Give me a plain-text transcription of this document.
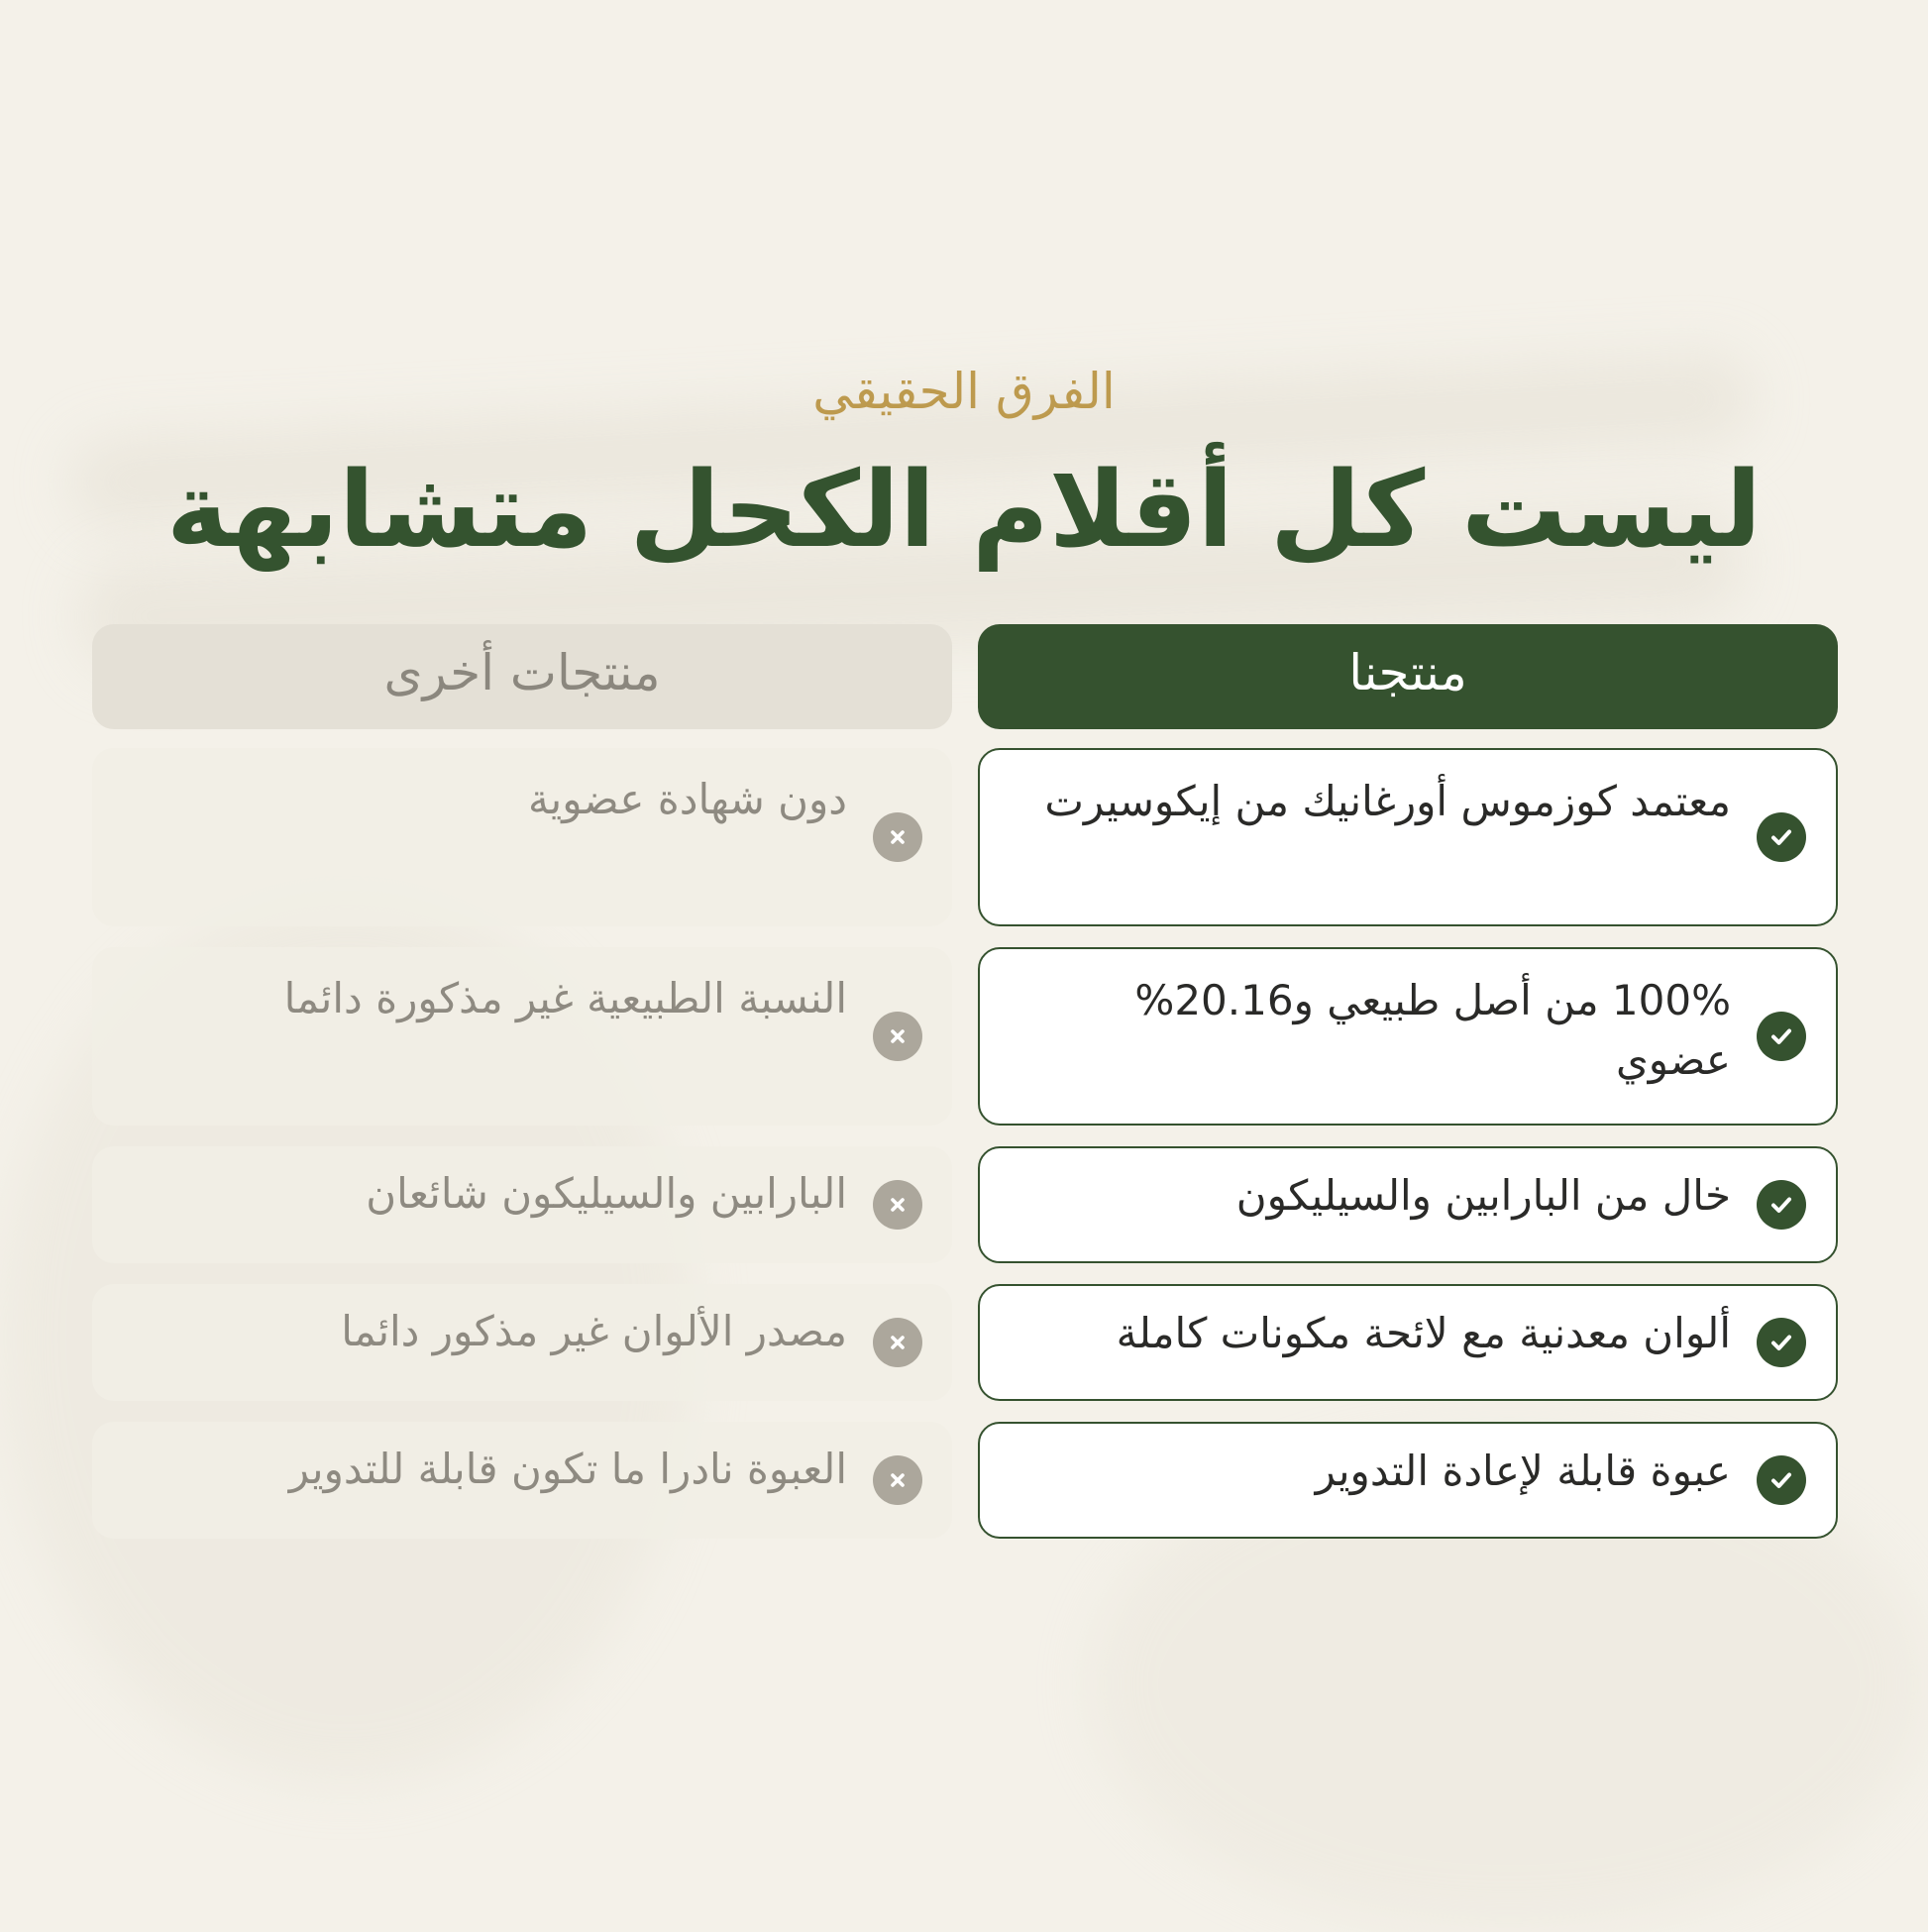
الفرق الحقيقي

ليست كل أقلام الكحل متشابهة
منتجنا
معتمد كوزموس أورغانيك من إيكوسيرت
100% من أصل طبيعي و20.16% عضوي
خال من البارابين والسيليكون
ألوان معدنية مع لائحة مكونات كاملة
عبوة قابلة لإعادة التدوير
منتجات أخرى
دون شهادة عضوية
النسبة الطبيعية غير مذكورة دائما
البارابين والسيليكون شائعان
مصدر الألوان غير مذكور دائما
العبوة نادرا ما تكون قابلة للتدوير
